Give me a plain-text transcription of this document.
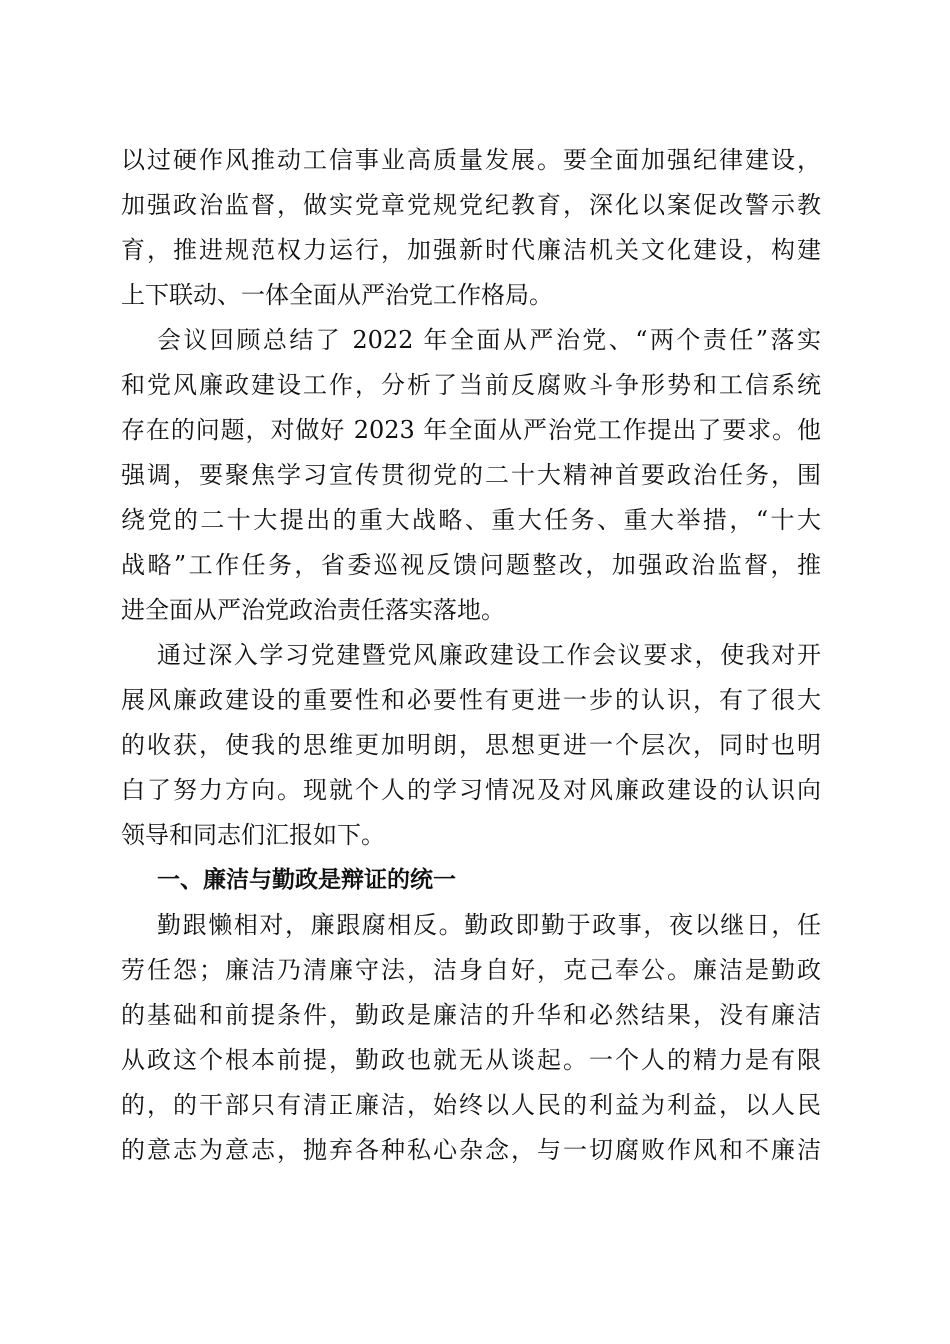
以过硬作风推动工信事业高质量发展。要全面加强纪律建设，
加强政治监督，做实党章党规党纪教育，深化以案促改警示教
育，推进规范权力运行，加强新时代廉洁机关文化建设，构建
上下联动、一体全面从严治党工作格局。

会议回顾总结了 2022 年全面从严治党、“两个责任”落实
和党风廉政建设工作，分析了当前反腐败斗争形势和工信系统
存在的问题，对做好 2023 年全面从严治党工作提出了要求。他
强调，要聚焦学习宣传贯彻党的二十大精神首要政治任务，围
绕党的二十大提出的重大战略、重大任务、重大举措，“十大
战略”工作任务，省委巡视反馈问题整改，加强政治监督，推
进全面从严治党政治责任落实落地。

通过深入学习党建暨党风廉政建设工作会议要求，使我对开
展风廉政建设的重要性和必要性有更进一步的认识，有了很大
的收获，使我的思维更加明朗，思想更进一个层次，同时也明
白了努力方向。现就个人的学习情况及对风廉政建设的认识向
领导和同志们汇报如下。

一、廉洁与勤政是辩证的统一

勤跟懒相对，廉跟腐相反。勤政即勤于政事，夜以继日，任
劳任怨；廉洁乃清廉守法，洁身自好，克己奉公。廉洁是勤政
的基础和前提条件，勤政是廉洁的升华和必然结果，没有廉洁
从政这个根本前提，勤政也就无从谈起。一个人的精力是有限
的，的干部只有清正廉洁，始终以人民的利益为利益，以人民
的意志为意志，抛弃各种私心杂念，与一切腐败作风和不廉洁
